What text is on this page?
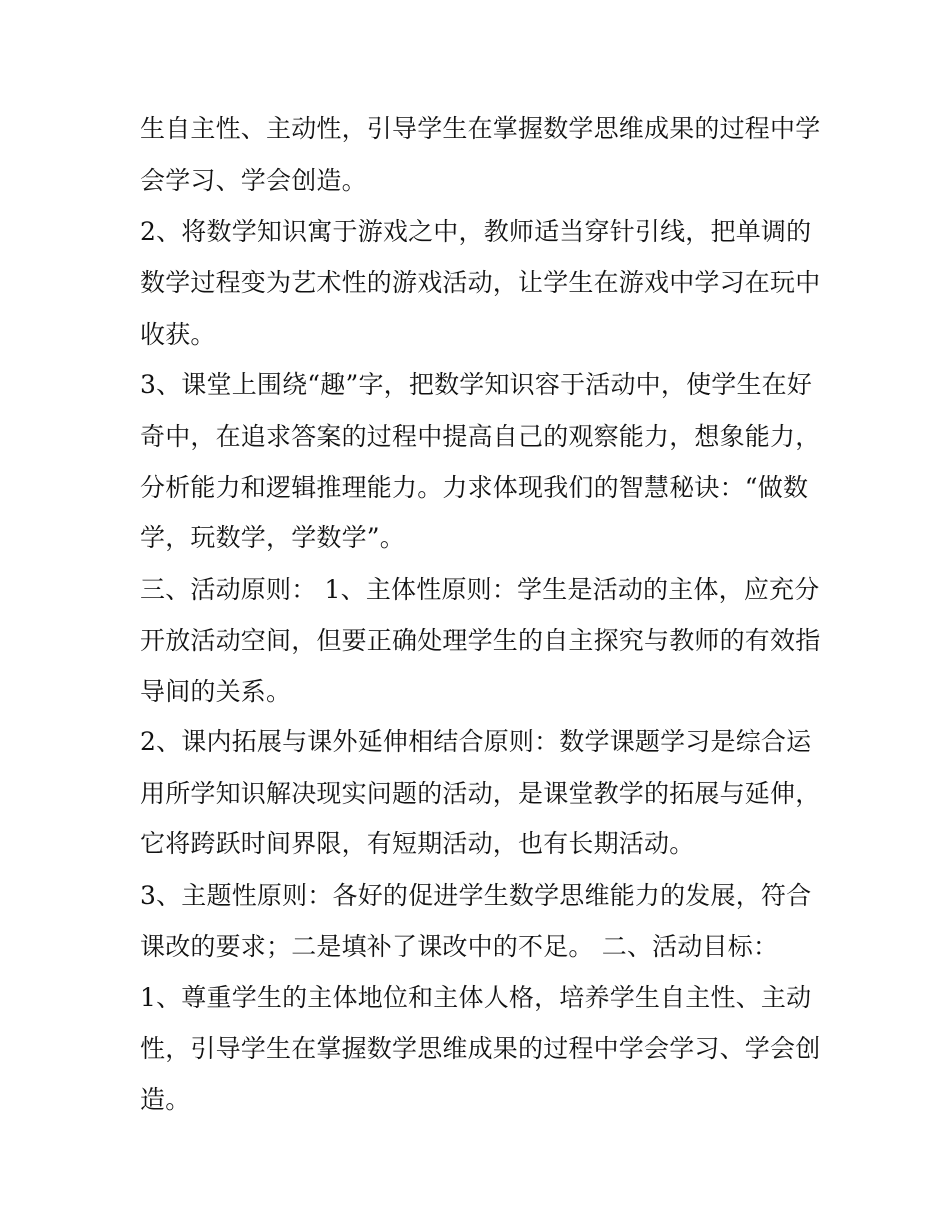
生自主性、主动性，引导学生在掌握数学思维成果的过程中学
会学习、学会创造。
2、将数学知识寓于游戏之中，教师适当穿针引线，把单调的
数学过程变为艺术性的游戏活动，让学生在游戏中学习在玩中
收获。
3、课堂上围绕“趣”字，把数学知识容于活动中，使学生在好
奇中，在追求答案的过程中提高自己的观察能力，想象能力，
分析能力和逻辑推理能力。力求体现我们的智慧秘诀：“做数
学，玩数学，学数学”。
三、活动原则： 1、主体性原则：学生是活动的主体，应充分
开放活动空间，但要正确处理学生的自主探究与教师的有效指
导间的关系。
2、课内拓展与课外延伸相结合原则：数学课题学习是综合运
用所学知识解决现实问题的活动，是课堂教学的拓展与延伸，
它将跨跃时间界限，有短期活动，也有长期活动。
3、主题性原则：各好的促进学生数学思维能力的发展，符合
课改的要求；二是填补了课改中的不足。 二、活动目标：
1、尊重学生的主体地位和主体人格，培养学生自主性、主动
性，引导学生在掌握数学思维成果的过程中学会学习、学会创
造。
